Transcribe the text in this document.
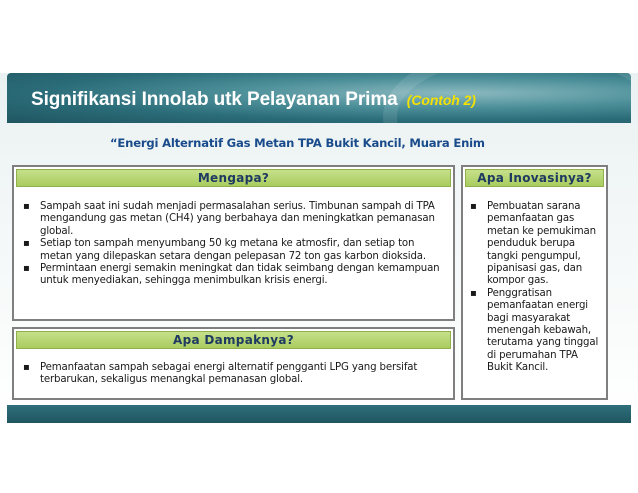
Signifikansi Innolab utk Pelayanan Prima (Contoh 2)
“Energi Alternatif Gas Metan TPA Bukit Kancil, Muara Enim
Mengapa?
▪ Sampah saat ini sudah menjadi permasalahan serius. Timbunan sampah di TPA mengandung gas metan (CH4) yang berbahaya dan meningkatkan pemanasan global.
▪ Setiap ton sampah menyumbang 50 kg metana ke atmosfir, dan setiap ton metan yang dilepaskan setara dengan pelepasan 72 ton gas karbon dioksida.
▪ Permintaan energi semakin meningkat dan tidak seimbang dengan kemampuan untuk menyediakan, sehingga menimbulkan krisis energi.
Apa Inovasinya?
▪ Pembuatan sarana pemanfaatan gas metan ke pemukiman penduduk berupa tangki pengumpul, pipanisasi gas, dan kompor gas.
▪ Penggratisan pemanfaatan energi bagi masyarakat menengah kebawah, terutama yang tinggal di perumahan TPA Bukit Kancil.
Apa Dampaknya?
▪ Pemanfaatan sampah sebagai energi alternatif pengganti LPG yang bersifat terbarukan, sekaligus menangkal pemanasan global.
